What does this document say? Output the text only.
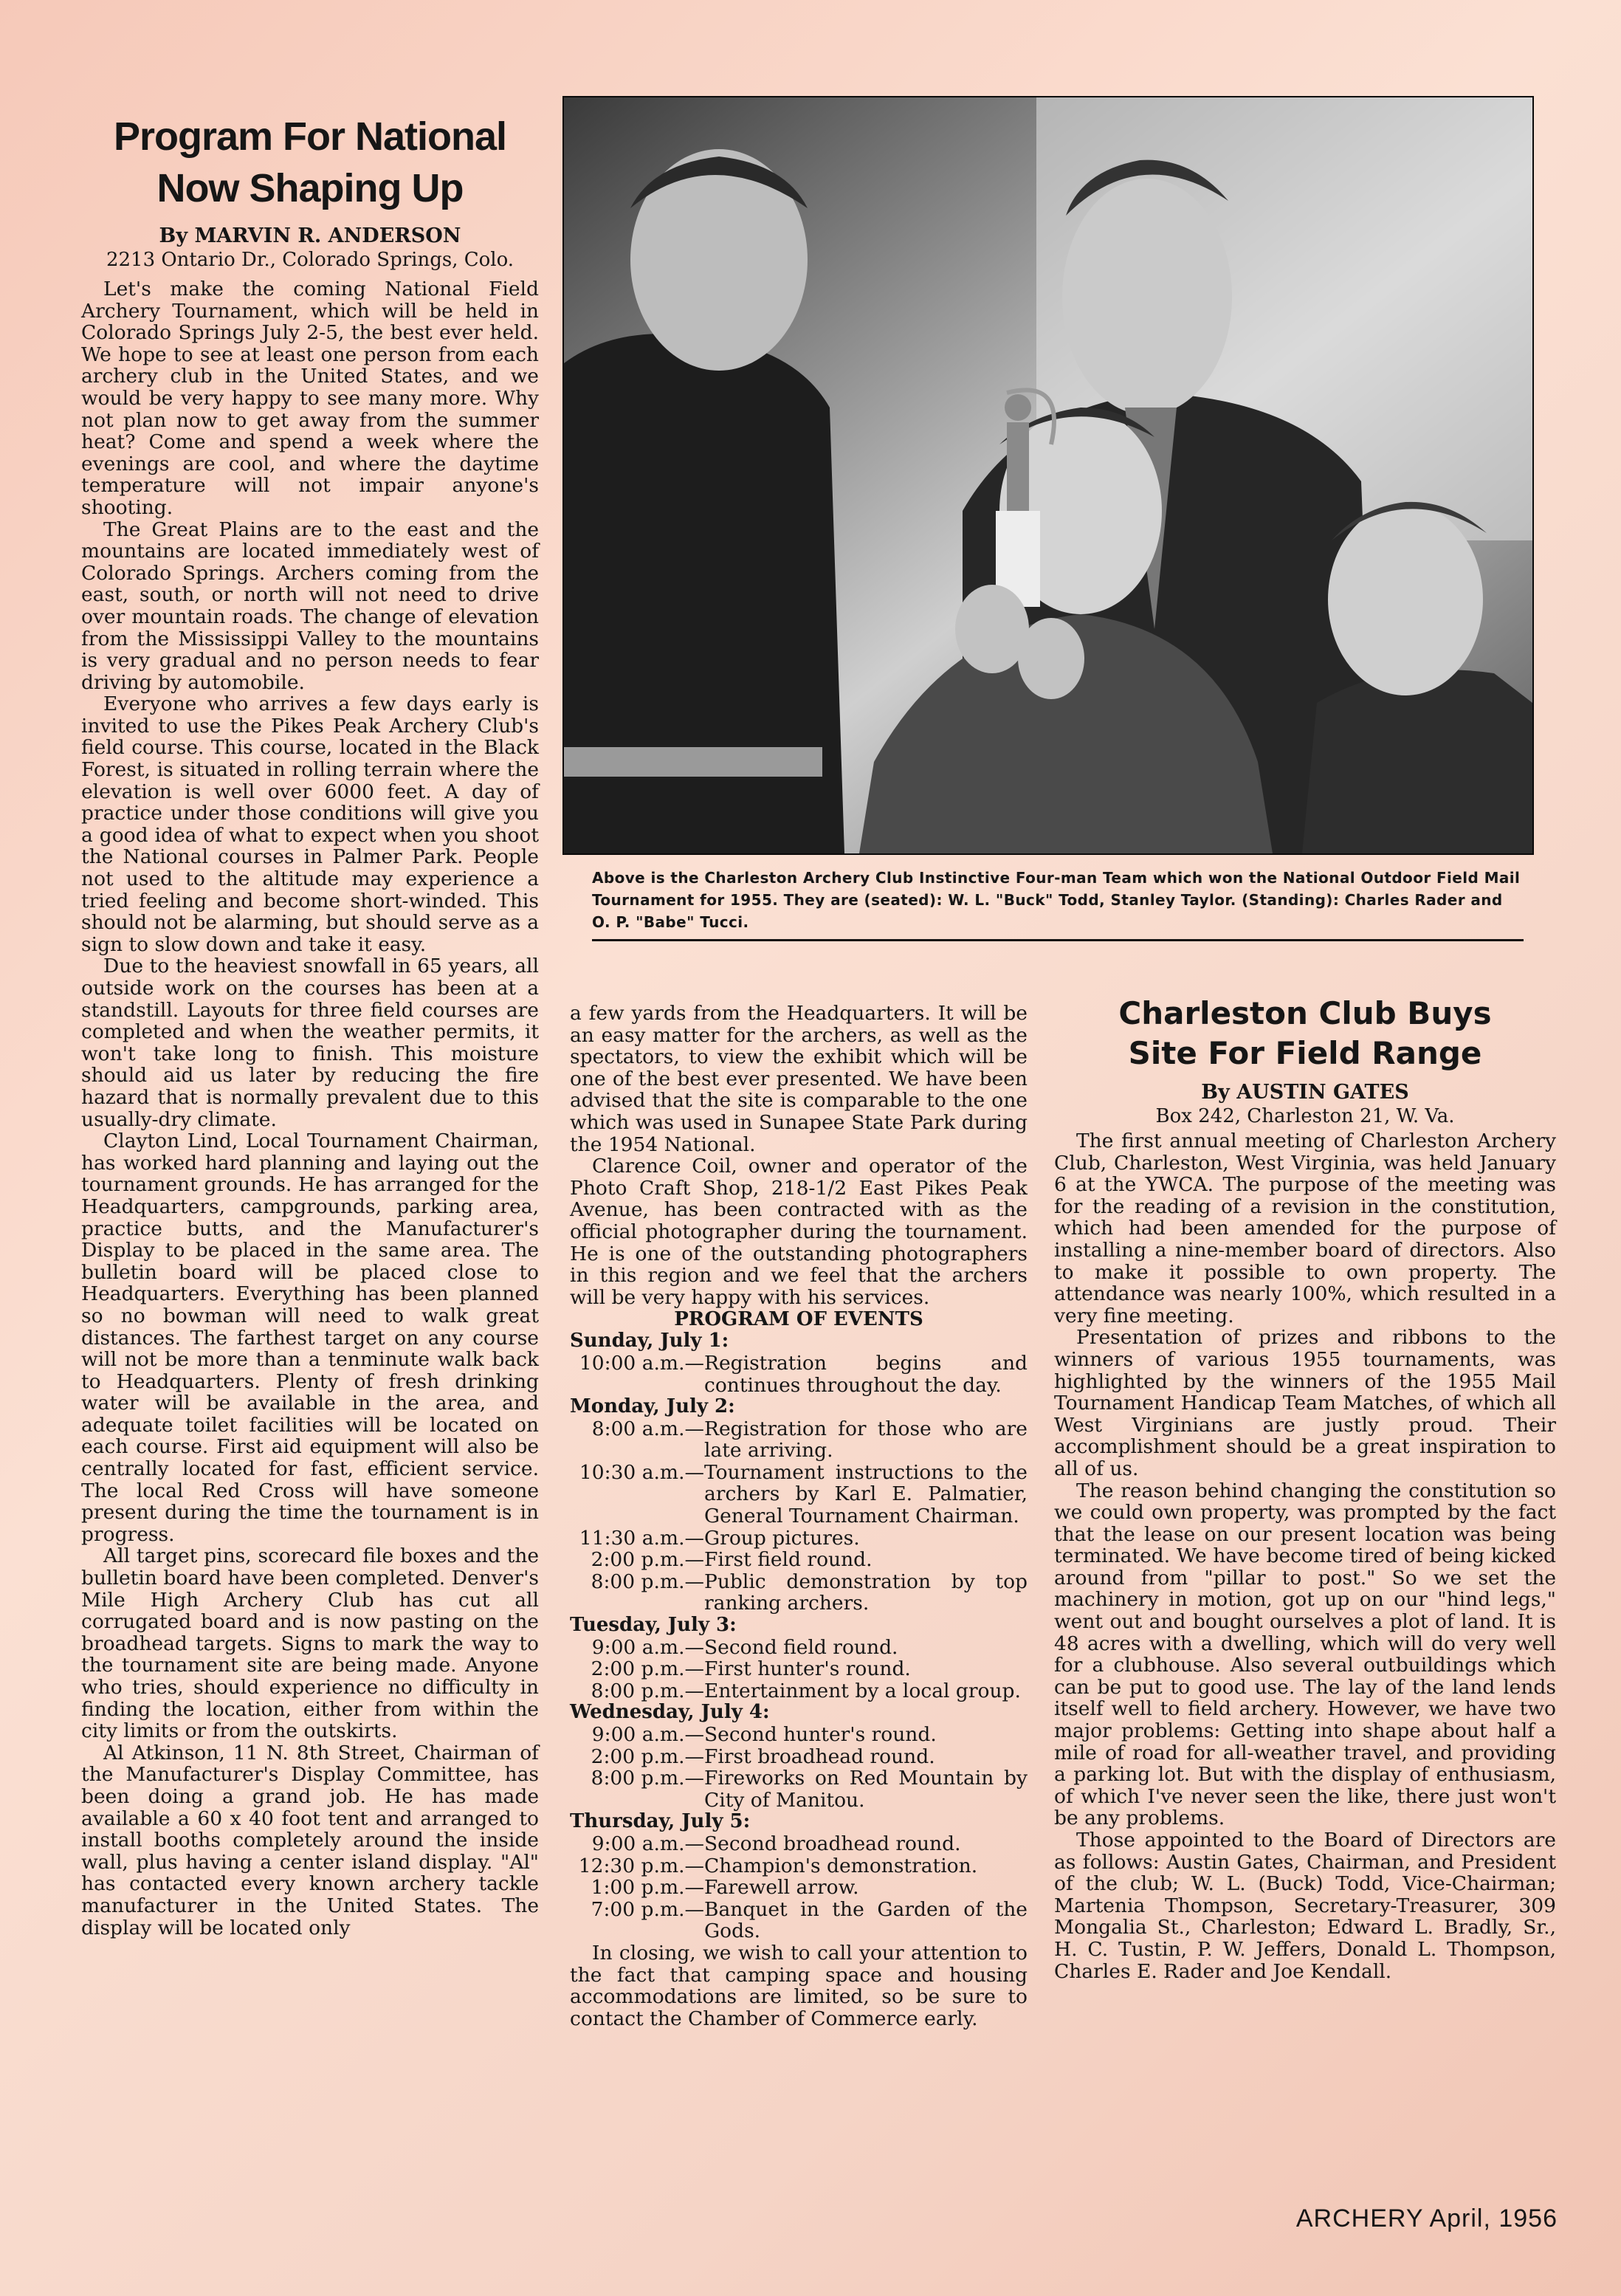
Program For National
Now Shaping Up

By MARVIN R. ANDERSON

2213 Ontario Dr., Colorado Springs, Colo.

Let's make the coming National Field Archery Tournament, which will be held in Colorado Springs July 2-5, the best ever held. We hope to see at least one person from each archery club in the United States, and we would be very happy to see many more. Why not plan now to get away from the summer heat? Come and spend a week where the evenings are cool, and where the daytime temperature will not impair anyone's shooting.

The Great Plains are to the east and the mountains are located immediately west of Colorado Springs. Archers coming from the east, south, or north will not need to drive over mountain roads. The change of elevation from the Mississippi Valley to the mountains is very gradual and no person needs to fear driving by automobile.

Everyone who arrives a few days early is invited to use the Pikes Peak Archery Club's field course. This course, located in the Black Forest, is situated in rolling terrain where the elevation is well over 6000 feet. A day of practice under those conditions will give you a good idea of what to expect when you shoot the National courses in Palmer Park. People not used to the altitude may experience a tried feeling and become short-winded. This should not be alarming, but should serve as a sign to slow down and take it easy.

Due to the heaviest snowfall in 65 years, all outside work on the courses has been at a standstill. Layouts for three field courses are completed and when the weather permits, it won't take long to finish. This moisture should aid us later by reducing the fire hazard that is normally prevalent due to this usually-dry climate.

Clayton Lind, Local Tournament Chairman, has worked hard planning and laying out the tournament grounds. He has arranged for the Headquarters, campgrounds, parking area, practice butts, and the Manufacturer's Display to be placed in the same area. The bulletin board will be placed close to Headquarters. Everything has been planned so no bowman will need to walk great distances. The farthest target on any course will not be more than a tenminute walk back to Headquarters. Plenty of fresh drinking water will be available in the area, and adequate toilet facilities will be located on each course. First aid equipment will also be centrally located for fast, efficient service. The local Red Cross will have someone present during the time the tournament is in progress.

All target pins, scorecard file boxes and the bulletin board have been completed. Denver's Mile High Archery Club has cut all corrugated board and is now pasting on the broadhead targets. Signs to mark the way to the tournament site are being made. Anyone who tries, should experience no difficulty in finding the location, either from within the city limits or from the outskirts.

Al Atkinson, 11 N. 8th Street, Chairman of the Manufacturer's Display Committee, has been doing a grand job. He has made available a 60 x 40 foot tent and arranged to install booths completely around the inside wall, plus having a center island display. "Al" has contacted every known archery tackle manufacturer in the United States. The display will be located only

Above is the Charleston Archery Club Instinctive Four-man Team which won the National Outdoor Field Mail Tournament for 1955. They are (seated): W. L. "Buck" Todd, Stanley Taylor. (Standing): Charles Rader and O. P. "Babe" Tucci.

a few yards from the Headquarters. It will be an easy matter for the archers, as well as the spectators, to view the exhibit which will be one of the best ever presented. We have been advised that the site is comparable to the one which was used in Sunapee State Park during the 1954 National.

Clarence Coil, owner and operator of the Photo Craft Shop, 218-1/2 East Pikes Peak Avenue, has been contracted with as the official photographer during the tournament. He is one of the outstanding photographers in this region and we feel that the archers will be very happy with his services.

PROGRAM OF EVENTS

Sunday, July 1:

10:00 a.m.— Registration begins and continues throughout the day.

Monday, July 2:

8:00 a.m.— Registration for those who are late arriving.
10:30 a.m.— Tournament instructions to the archers by Karl E. Palmatier, General Tournament Chairman.
11:30 a.m.— Group pictures.
2:00 p.m.— First field round.
8:00 p.m.— Public demonstration by top ranking archers.

Tuesday, July 3:

9:00 a.m.— Second field round.
2:00 p.m.— First hunter's round.
8:00 p.m.— Entertainment by a local group.

Wednesday, July 4:

9:00 a.m.— Second hunter's round.
2:00 p.m.— First broadhead round.
8:00 p.m.— Fireworks on Red Mountain by City of Manitou.

Thursday, July 5:

9:00 a.m.— Second broadhead round.
12:30 p.m.— Champion's demonstration.
1:00 p.m.— Farewell arrow.
7:00 p.m.— Banquet in the Garden of the Gods.

In closing, we wish to call your attention to the fact that camping space and housing accommodations are limited, so be sure to contact the Chamber of Commerce early.

Charleston Club Buys
Site For Field Range

By AUSTIN GATES

Box 242, Charleston 21, W. Va.

The first annual meeting of Charleston Archery Club, Charleston, West Virginia, was held January 6 at the YWCA. The purpose of the meeting was for the reading of a revision in the constitution, which had been amended for the purpose of installing a nine-member board of directors. Also to make it possible to own property. The attendance was nearly 100%, which resulted in a very fine meeting.

Presentation of prizes and ribbons to the winners of various 1955 tournaments, was highlighted by the winners of the 1955 Mail Tournament Handicap Team Matches, of which all West Virginians are justly proud. Their accomplishment should be a great inspiration to all of us.

The reason behind changing the constitution so we could own property, was prompted by the fact that the lease on our present location was being terminated. We have become tired of being kicked around from "pillar to post." So we set the machinery in motion, got up on our "hind legs," went out and bought ourselves a plot of land. It is 48 acres with a dwelling, which will do very well for a clubhouse. Also several outbuildings which can be put to good use. The lay of the land lends itself well to field archery. However, we have two major problems: Getting into shape about half a mile of road for all-weather travel, and providing a parking lot. But with the display of enthusiasm, of which I've never seen the like, there just won't be any problems.

Those appointed to the Board of Directors are as follows: Austin Gates, Chairman, and President of the club; W. L. (Buck) Todd, Vice-Chairman; Martenia Thompson, Secretary-Treasurer, 309 Mongalia St., Charleston; Edward L. Bradly, Sr., H. C. Tustin, P. W. Jeffers, Donald L. Thompson, Charles E. Rader and Joe Kendall.

ARCHERY April, 1956
